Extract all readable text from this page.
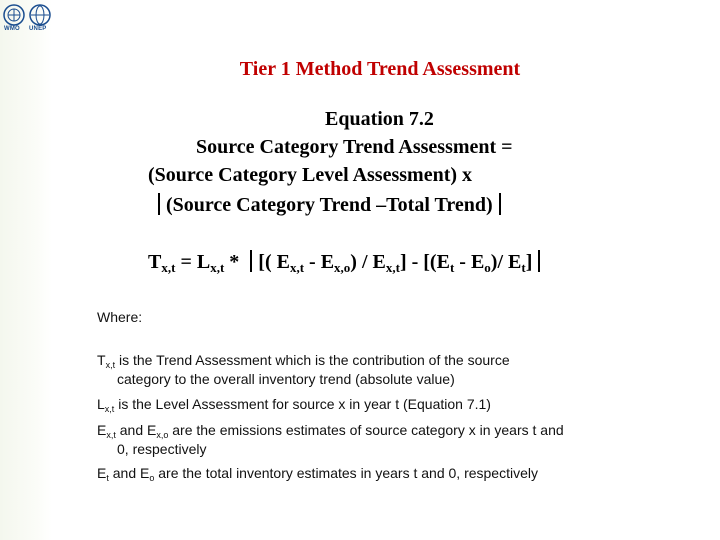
WMO UNEP
Tier 1 Method Trend Assessment
Equation 7.2
Source Category Trend Assessment =
(Source Category Level Assessment) x
(Source Category Trend –Total Trend)
$T_{x,t} = L_{x,t}$ * [( $E_{x,t} - E_{x,o}) / E_{x,t}] - [(E_t - E_o)/$ $E_t$]
Where:
$T_{x,t}$ is the Trend Assessment which is the contribution of the source
category to the overall inventory trend (absolute value)
$L_{x,t}$ is the Level Assessment for source x in year t (Equation 7.1)
$E_{x,t}$ and $E_{x,o}$ are the emissions estimates of source category x in years t and
0, respectively
$E_t$ and $E_o$ are the total inventory estimates in years t and 0, respectively
